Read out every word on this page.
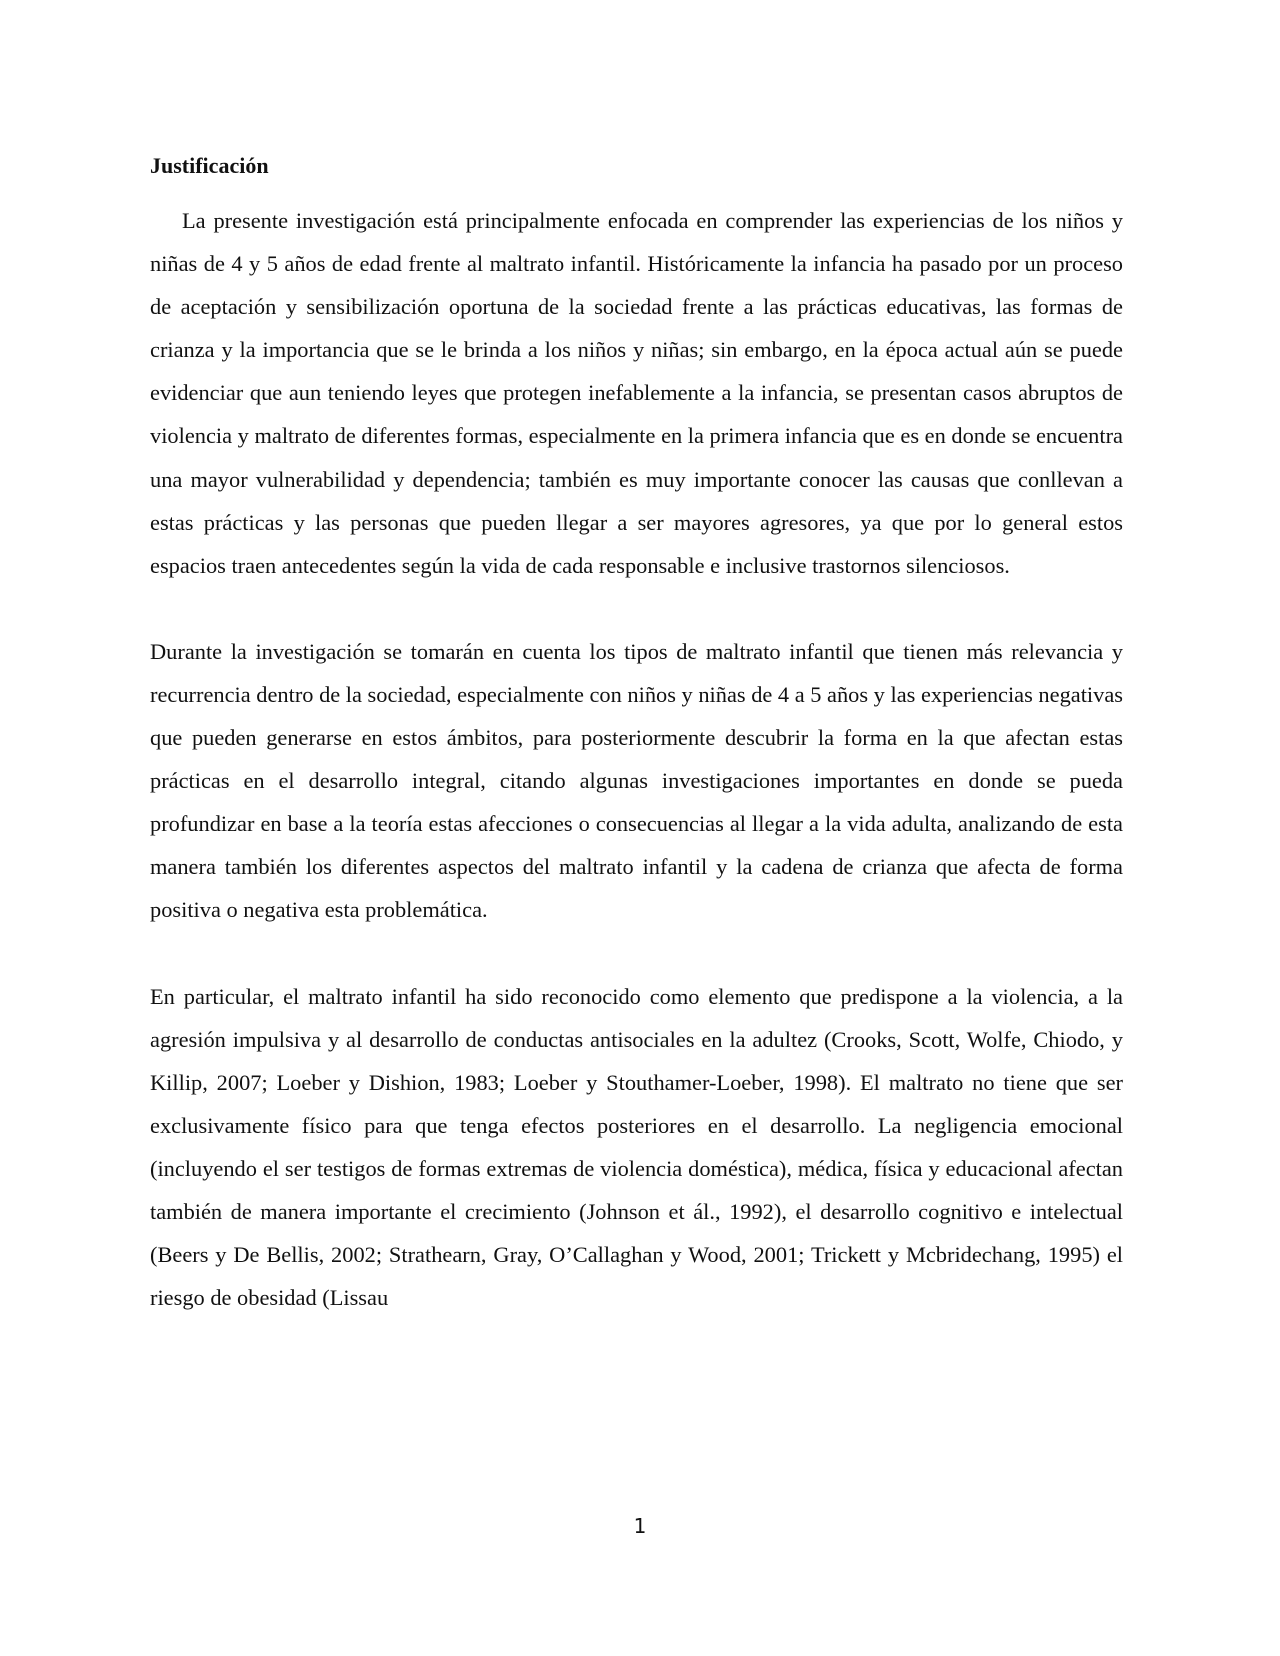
Justificación

La presente investigación está principalmente enfocada en comprender las experiencias de los niños y niñas de 4 y 5 años de edad frente al maltrato infantil. Históricamente la infancia ha pasado por un proceso de aceptación y sensibilización oportuna de la sociedad frente a las prácticas educativas, las formas de crianza y la importancia que se le brinda a los niños y niñas; sin embargo, en la época actual aún se puede evidenciar que aun teniendo leyes que protegen inefablemente a la infancia, se presentan casos abruptos de violencia y maltrato de diferentes formas, especialmente en la primera infancia que es en donde se encuentra una mayor vulnerabilidad y dependencia; también es muy importante conocer las causas que conllevan a estas prácticas y las personas que pueden llegar a ser mayores agresores, ya que por lo general estos espacios traen antecedentes según la vida de cada responsable e inclusive trastornos silenciosos.

Durante la investigación se tomarán en cuenta los tipos de maltrato infantil que tienen más relevancia y recurrencia dentro de la sociedad, especialmente con niños y niñas de 4 a 5 años y las experiencias negativas que pueden generarse en estos ámbitos, para posteriormente descubrir la forma en la que afectan estas prácticas en el desarrollo integral, citando algunas investigaciones importantes en donde se pueda profundizar en base a la teoría estas afecciones o consecuencias al llegar a la vida adulta, analizando de esta manera también los diferentes aspectos del maltrato infantil y la cadena de crianza que afecta de forma positiva o negativa esta problemática.

En particular, el maltrato infantil ha sido reconocido como elemento que predispone a la violencia, a la agresión impulsiva y al desarrollo de conductas antisociales en la adultez (Crooks, Scott, Wolfe, Chiodo, y Killip, 2007; Loeber y Dishion, 1983; Loeber y Stouthamer-Loeber, 1998). El maltrato no tiene que ser exclusivamente físico para que tenga efectos posteriores en el desarrollo. La negligencia emocional (incluyendo el ser testigos de formas extremas de violencia doméstica), médica, física y educacional afectan también de manera importante el crecimiento (Johnson et ál., 1992), el desarrollo cognitivo e intelectual (Beers y De Bellis, 2002; Strathearn, Gray, O’Callaghan y Wood, 2001; Trickett y Mcbridechang, 1995) el riesgo de obesidad (Lissau

1
